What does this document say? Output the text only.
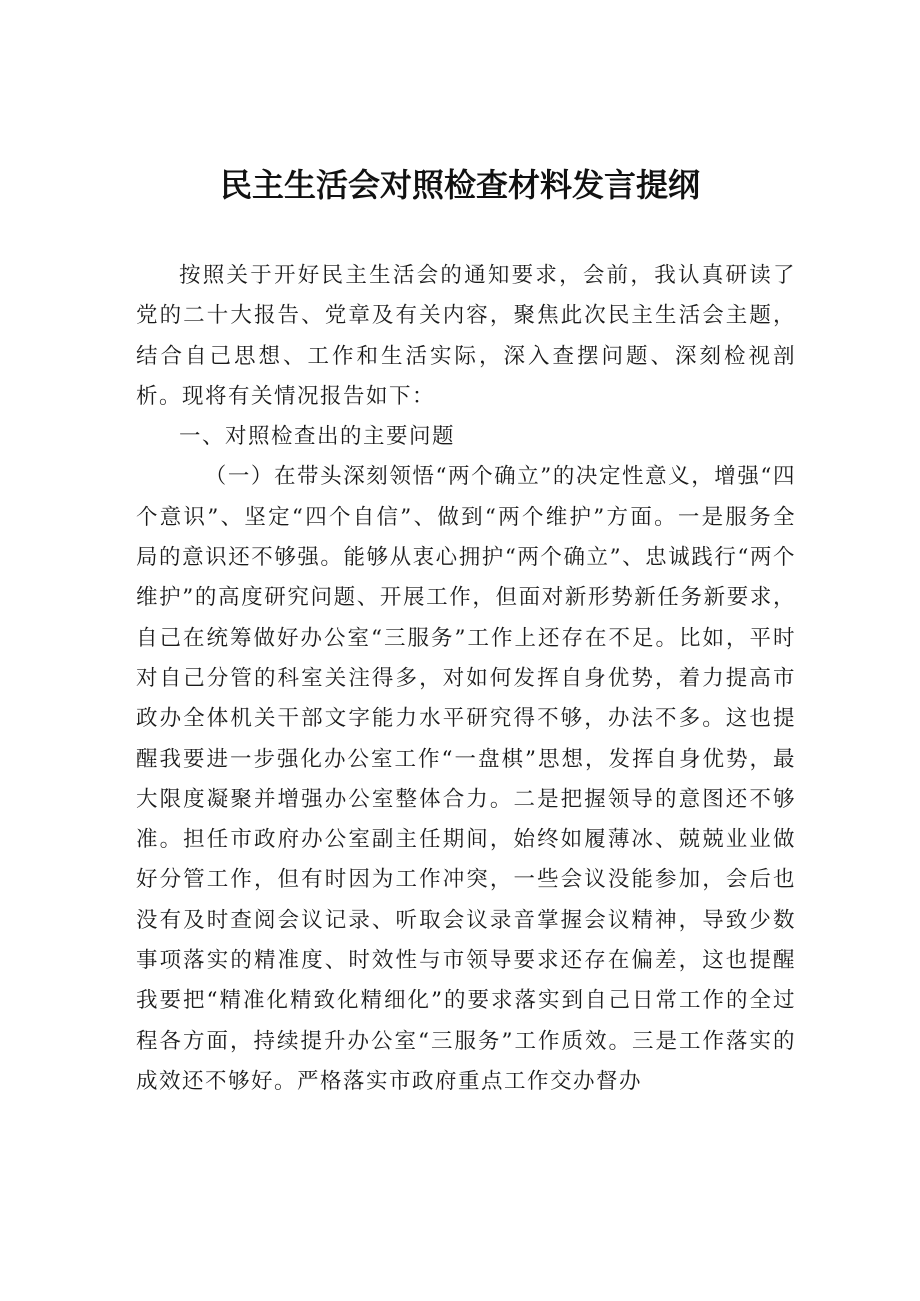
民主生活会对照检查材料发言提纲

按照关于开好民主生活会的通知要求，会前，我认真研读了党的二十大报告、党章及有关内容，聚焦此次民主生活会主题，结合自己思想、工作和生活实际，深入查摆问题、深刻检视剖析。现将有关情况报告如下：

一、对照检查出的主要问题

（一）在带头深刻领悟“两个确立”的决定性意义，增强“四个意识”、坚定“四个自信”、做到“两个维护”方面。一是服务全局的意识还不够强。能够从衷心拥护“两个确立”、忠诚践行“两个维护”的高度研究问题、开展工作，但面对新形势新任务新要求，自己在统筹做好办公室“三服务”工作上还存在不足。比如，平时对自己分管的科室关注得多，对如何发挥自身优势，着力提高市政办全体机关干部文字能力水平研究得不够，办法不多。这也提醒我要进一步强化办公室工作“一盘棋”思想，发挥自身优势，最大限度凝聚并增强办公室整体合力。二是把握领导的意图还不够准。担任市政府办公室副主任期间，始终如履薄冰、兢兢业业做好分管工作，但有时因为工作冲突，一些会议没能参加，会后也没有及时查阅会议记录、听取会议录音掌握会议精神，导致少数事项落实的精准度、时效性与市领导要求还存在偏差，这也提醒我要把“精准化精致化精细化”的要求落实到自己日常工作的全过程各方面，持续提升办公室“三服务”工作质效。三是工作落实的成效还不够好。严格落实市政府重点工作交办督办
